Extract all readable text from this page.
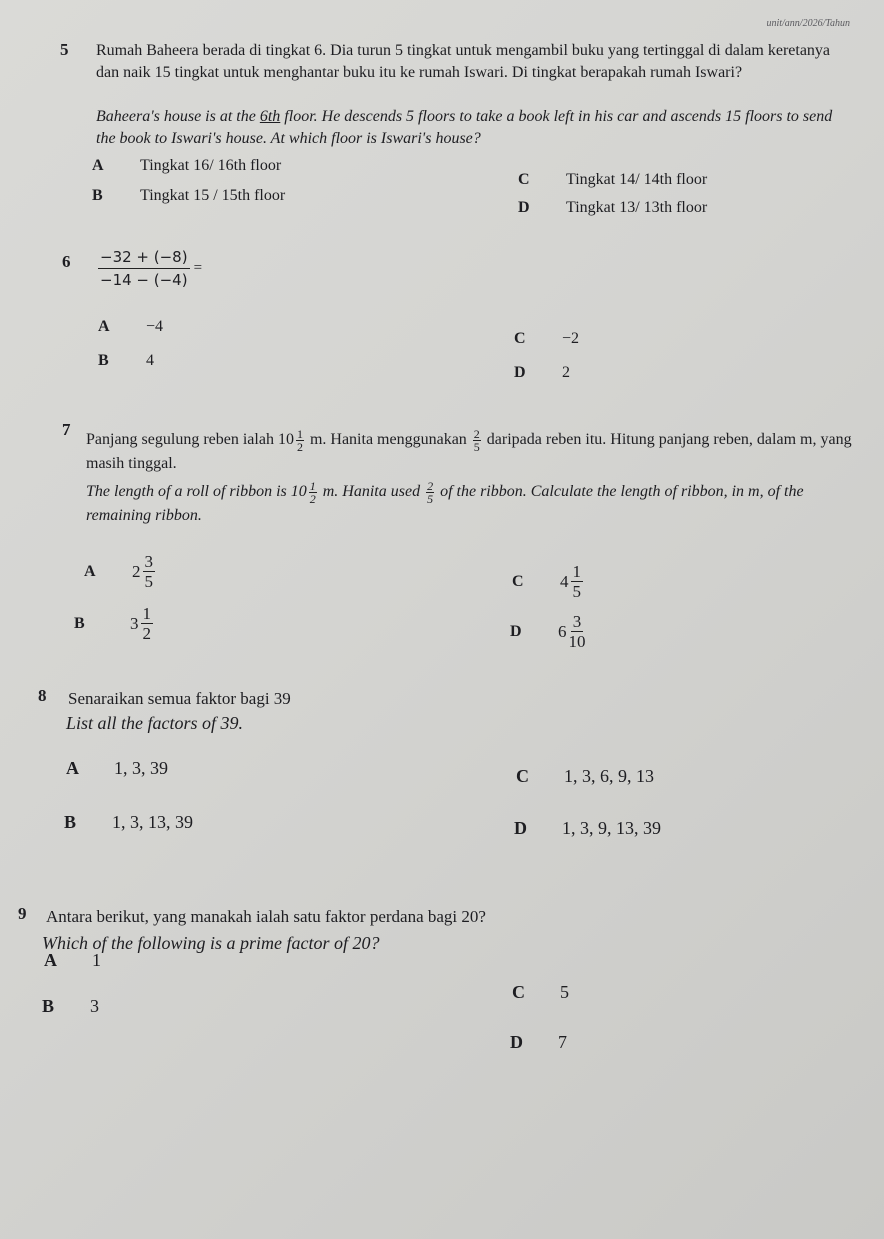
unit/ann/2026/Tahun
5 Rumah Baheera berada di tingkat 6. Dia turun 5 tingkat untuk mengambil buku yang tertinggal di dalam keretanya dan naik 15 tingkat untuk menghantar buku itu ke rumah Iswari. Di tingkat berapakah rumah Iswari?
Baheera's house is at the 6th floor. He descends 5 floors to take a book left in his car and ascends 15 floors to send the book to Iswari's house. At which floor is Iswari's house?
A Tingkat 16/ 16th floor
B Tingkat 15 / 15th floor
C Tingkat 14/ 14th floor
D Tingkat 13/ 13th floor
$6 \frac{-32 + (-8)}{-14 - (-4)}$ =
A −4
B 4
C −2
D 2
7
Panjang segulung reben ialah $10 \frac{1}{2} m$. Hanita menggunakan $\frac{2}{5}$ daripada reben itu. Hitung panjang reben, dalam m, yang masih tinggal.
The length of a roll of ribbon is $10 \frac{1}{2} m$. Hanita used $\frac{2}{5}$ of the ribbon. Calculate the length of ribbon, in m, of the remaining ribbon.
A	2 3
5
B	3 1
2
C	4 1
5
D	6 3
10
8 Senaraikan semua faktor bagi 39
List all the factors of 39.
A 1, 3, 39
B 1, 3, 13, 39
C 1, 3, 6, 9, 13
D 1, 3, 9, 13, 39
9 Antara berikut, yang manakah ialah satu faktor perdana bagi 20?
Which of the following is a prime factor of 20?
A 1
B 3
C 5
D 7
